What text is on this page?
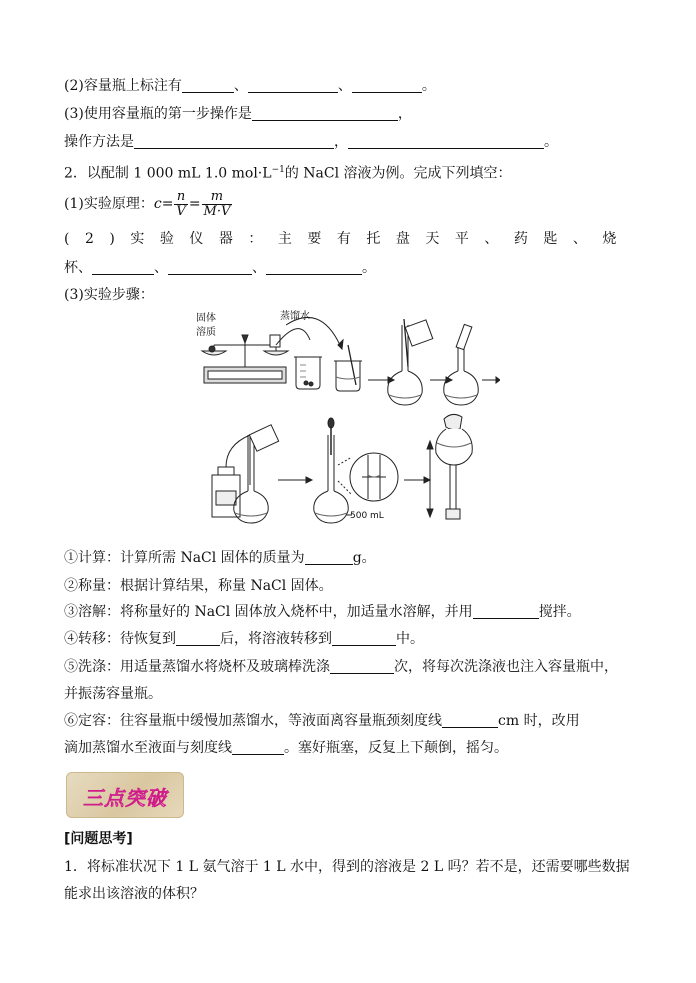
(2)容量瓶上标注有	、	、	。
(3)使用容量瓶的第一步操作是	，
操作方法是	，	。
2．以配制 1 000 mL 1.0 $mol\cdot L^{-1}$的 NaCl 溶液为例。完成下列填空：
(1)实验原理：$c= \frac{n}{V} = \frac{m}{M\cdot V}$
(2)实验仪器：主要有托盘天平、药匙、烧
杯、	、	、	。
(3)实验步骤：
固体
溶质
蒸馏水
500 mL
①计算：计算所需 NaCl 固体的质量为	g。
②称量：根据计算结果，称量 NaCl 固体。
③溶解：将称量好的 NaCl 固体放入烧杯中，加适量水溶解，并用	搅拌。
④转移：待恢复到	后，将溶液转移到	中。
⑤洗涤：用适量蒸馏水将烧杯及玻璃棒洗涤	次，将每次洗涤液也注入容量瓶中，
并振荡容量瓶。
⑥定容：往容量瓶中缓慢加蒸馏水，等液面离容量瓶颈刻度线	cm 时，改用
滴加蒸馏水至液面与刻度线	。塞好瓶塞，反复上下颠倒，摇匀。
三点突破
[问题思考]
1．将标准状况下 1 L 氨气溶于 1 L 水中，得到的溶液是 2 L 吗？若不是，还需要哪些数据
能求出该溶液的体积？
